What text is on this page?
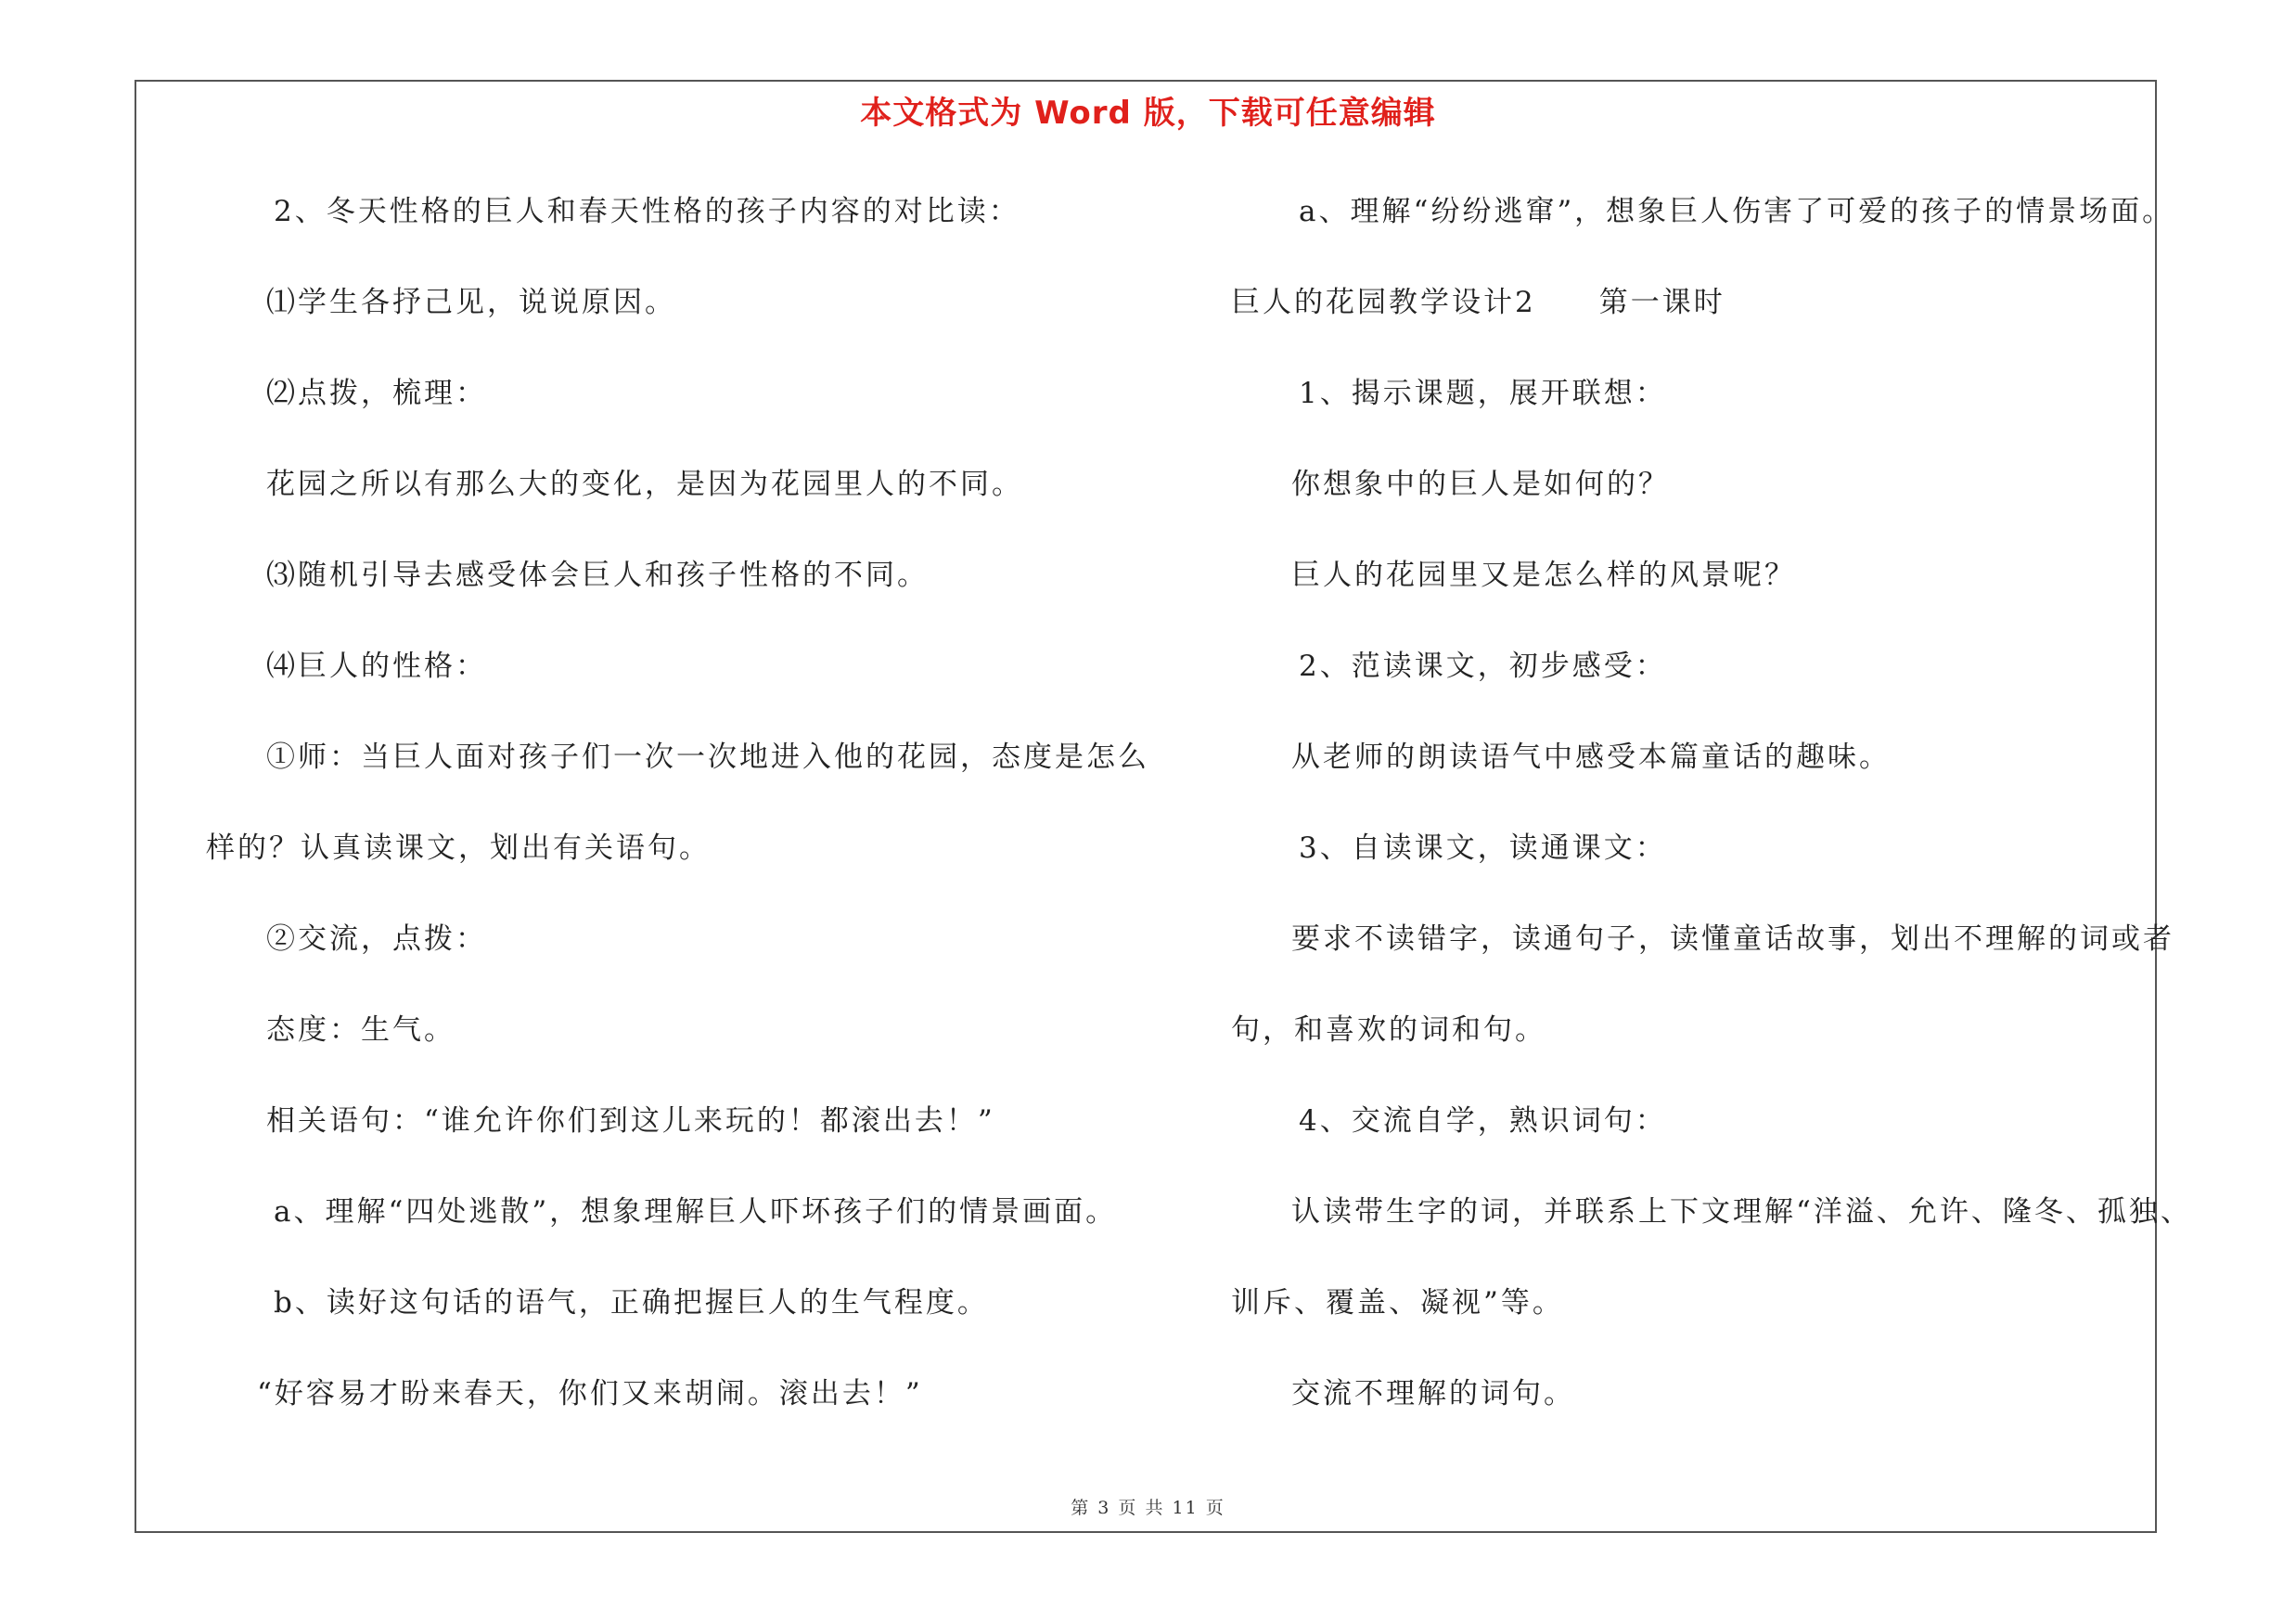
本文格式为 Word 版，下载可任意编辑
2、冬天性格的巨人和春天性格的孩子内容的对比读：
⑴学生各抒己见，说说原因。
⑵点拨，梳理：
花园之所以有那么大的变化，是因为花园里人的不同。
⑶随机引导去感受体会巨人和孩子性格的不同。
⑷巨人的性格：
①师：当巨人面对孩子们一次一次地进入他的花园，态度是怎么
样的？认真读课文，划出有关语句。
②交流，点拨：
态度：生气。
相关语句：“谁允许你们到这儿来玩的！都滚出去！”
a、理解“四处逃散”，想象理解巨人吓坏孩子们的情景画面。
b、读好这句话的语气，正确把握巨人的生气程度。
“好容易才盼来春天，你们又来胡闹。滚出去！”
a、理解“纷纷逃窜”，想象巨人伤害了可爱的孩子的情景场面。
巨人的花园教学设计2　　第一课时
1、揭示课题，展开联想：
你想象中的巨人是如何的？
巨人的花园里又是怎么样的风景呢？
2、范读课文，初步感受：
从老师的朗读语气中感受本篇童话的趣味。
3、自读课文，读通课文：
要求不读错字，读通句子，读懂童话故事，划出不理解的词或者
句，和喜欢的词和句。
4、交流自学，熟识词句：
认读带生字的词，并联系上下文理解“洋溢、允许、隆冬、孤独、
训斥、覆盖、凝视”等。
交流不理解的词句。
第 3 页 共 11 页
